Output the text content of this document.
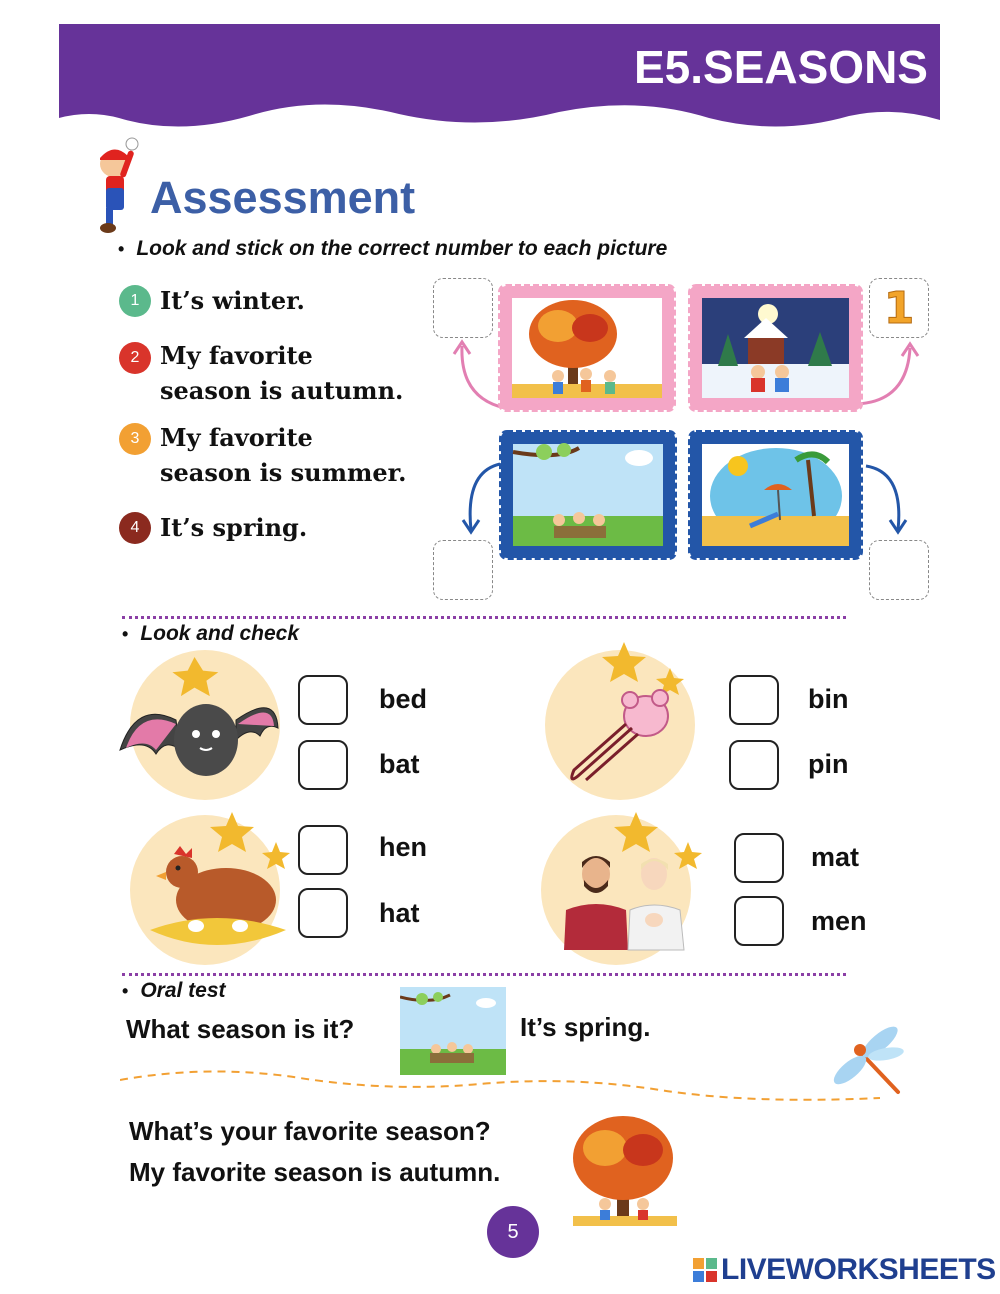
E5.SEASONS
Assessment
• Look and stick on the correct number to each picture
1 It’s winter.
2 My favorite
season is autumn.
3 My favorite
season is summer.
4 It’s spring.
1
• Look and check
bed
bat
bin
pin
hen
hat
mat
men
• Oral test
What season is it?	It’s spring.
What’s your favorite season?
My favorite season is autumn.
5
LIVEWORKSHEETS
